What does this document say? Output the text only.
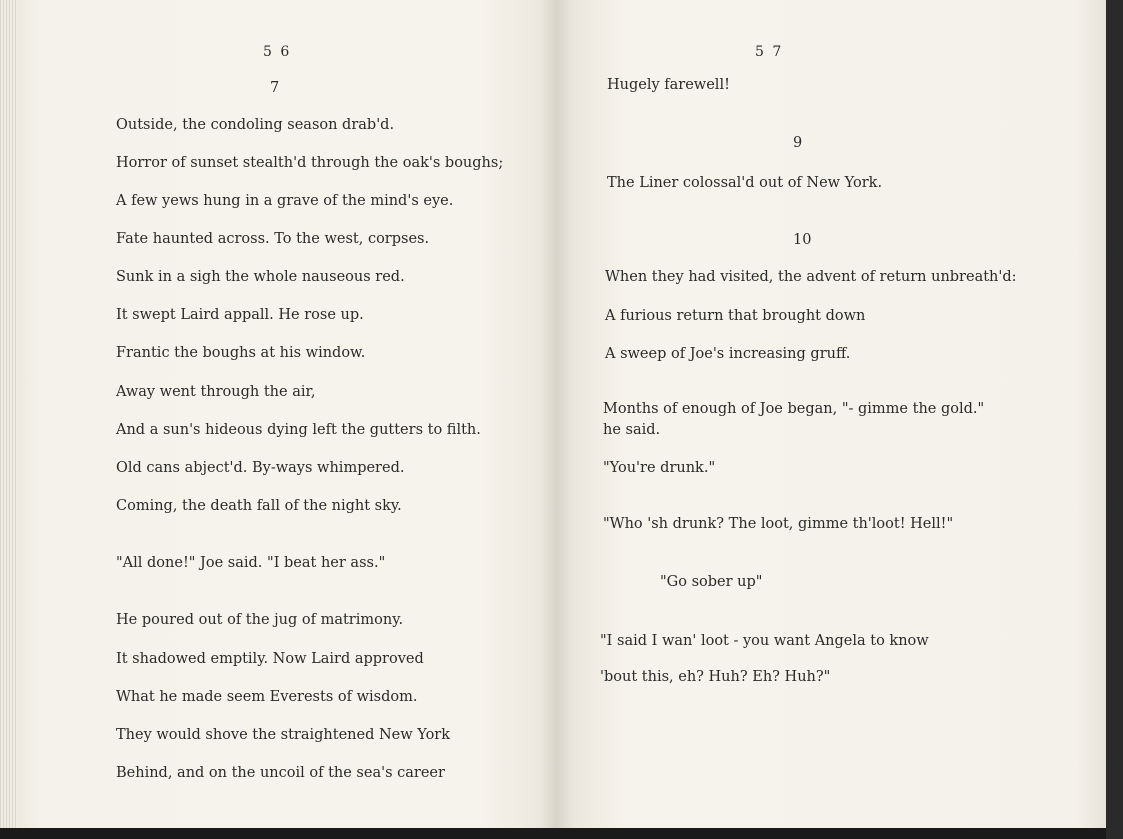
5 6
7
Outside, the condoling season drab'd.
Horror of sunset stealth'd through the oak's boughs;
A few yews hung in a grave of the mind's eye.
Fate haunted across. To the west, corpses.
Sunk in a sigh the whole nauseous red.
It swept Laird appall. He rose up.
Frantic the boughs at his window.
Away went through the air,
And a sun's hideous dying left the gutters to filth.
Old cans abject'd. By-ways whimpered.
Coming, the death fall of the night sky.
"All done!" Joe said. "I beat her ass."
He poured out of the jug of matrimony.
It shadowed emptily. Now Laird approved
What he made seem Everests of wisdom.
They would shove the straightened New York
Behind, and on the uncoil of the sea's career
5 7
Hugely farewell!
9
The Liner colossal'd out of New York.
10
When they had visited, the advent of return unbreath'd:
A furious return that brought down
A sweep of Joe's increasing gruff.
Months of enough of Joe began, "- gimme the gold."
he said.
"You're drunk."
"Who 'sh drunk? The loot, gimme th'loot! Hell!"
"Go sober up"
"I said I wan' loot - you want Angela to know
'bout this, eh? Huh? Eh? Huh?"
